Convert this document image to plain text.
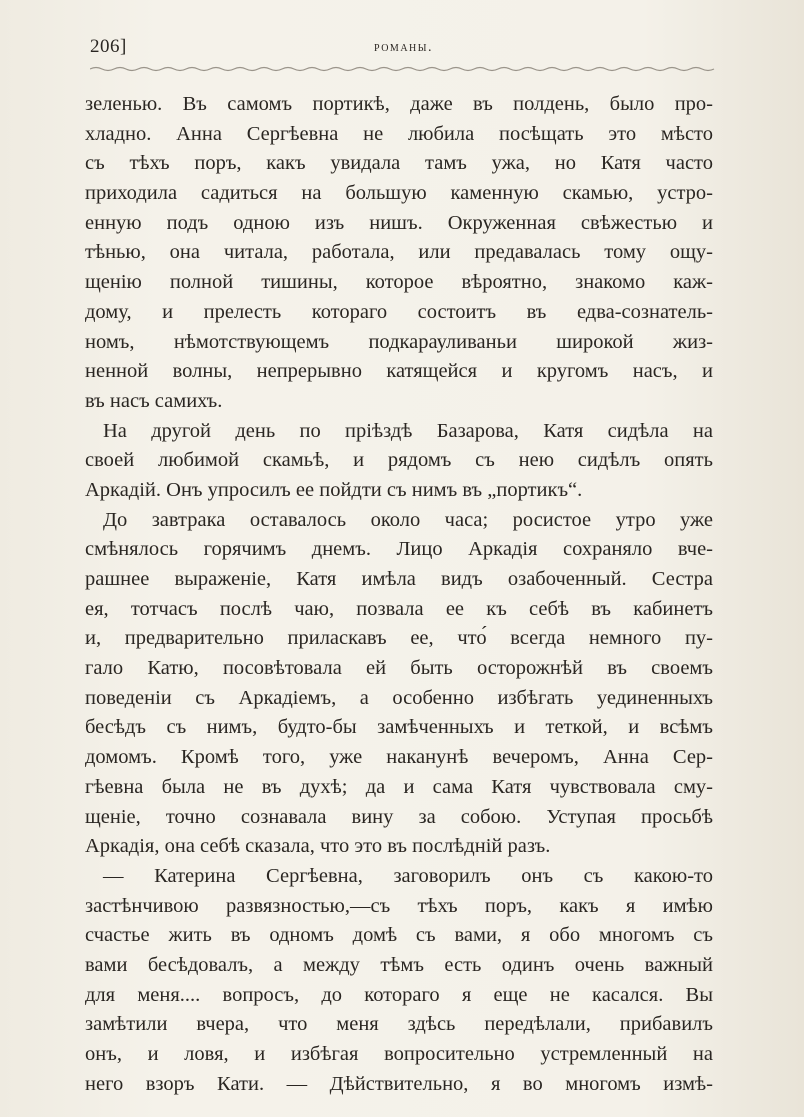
206]	романы.
зеленью. Въ самомъ портикѣ, даже въ полдень, было про-
хладно. Анна Сергѣевна не любила посѣщать это мѣсто
съ тѣхъ поръ, какъ увидала тамъ ужа, но Катя часто
приходила садиться на большую каменную скамью, устро-
енную подъ одною изъ нишъ. Окруженная свѣжестью и
тѣнью, она читала, работала, или предавалась тому ощу-
щенію полной тишины, которое вѣроятно, знакомо каж-
дому, и прелесть котораго состоитъ въ едва-сознатель-
номъ, нѣмотствующемъ подкарауливаньи широкой жиз-
ненной волны, непрерывно катящейся и кругомъ насъ, и
въ насъ самихъ.
На другой день по пріѣздѣ Базарова, Катя сидѣла на
своей любимой скамьѣ, и рядомъ съ нею сидѣлъ опять
Аркадій. Онъ упросилъ ее пойдти съ нимъ въ „портикъ“.
До завтрака оставалось около часа; росистое утро уже
смѣнялось горячимъ днемъ. Лицо Аркадія сохраняло вче-
рашнее выраженіе, Катя имѣла видъ озабоченный. Сестра
ея, тотчасъ послѣ чаю, позвала ее къ себѣ въ кабинетъ
и, предварительно приласкавъ ее, что́ всегда немного пу-
гало Катю, посовѣтовала ей быть осторожнѣй въ своемъ
поведеніи съ Аркадіемъ, а особенно избѣгать уединенныхъ
бесѣдъ съ нимъ, будто-бы замѣченныхъ и теткой, и всѣмъ
домомъ. Кромѣ того, уже наканунѣ вечеромъ, Анна Сер-
гѣевна была не въ духѣ; да и сама Катя чувствовала сму-
щеніе, точно сознавала вину за собою. Уступая просьбѣ
Аркадія, она себѣ сказала, что это въ послѣдній разъ.
— Катерина Сергѣевна, заговорилъ онъ съ какою-то
застѣнчивою развязностью,—съ тѣхъ поръ, какъ я имѣю
счастье жить въ одномъ домѣ съ вами, я обо многомъ съ
вами бесѣдовалъ, а между тѣмъ есть одинъ очень важный
для меня.... вопросъ, до котораго я еще не касался. Вы
замѣтили вчера, что меня здѣсь передѣлали, прибавилъ
онъ, и ловя, и избѣгая вопросительно устремленный на
него взоръ Кати. — Дѣйствительно, я во многомъ измѣ-
